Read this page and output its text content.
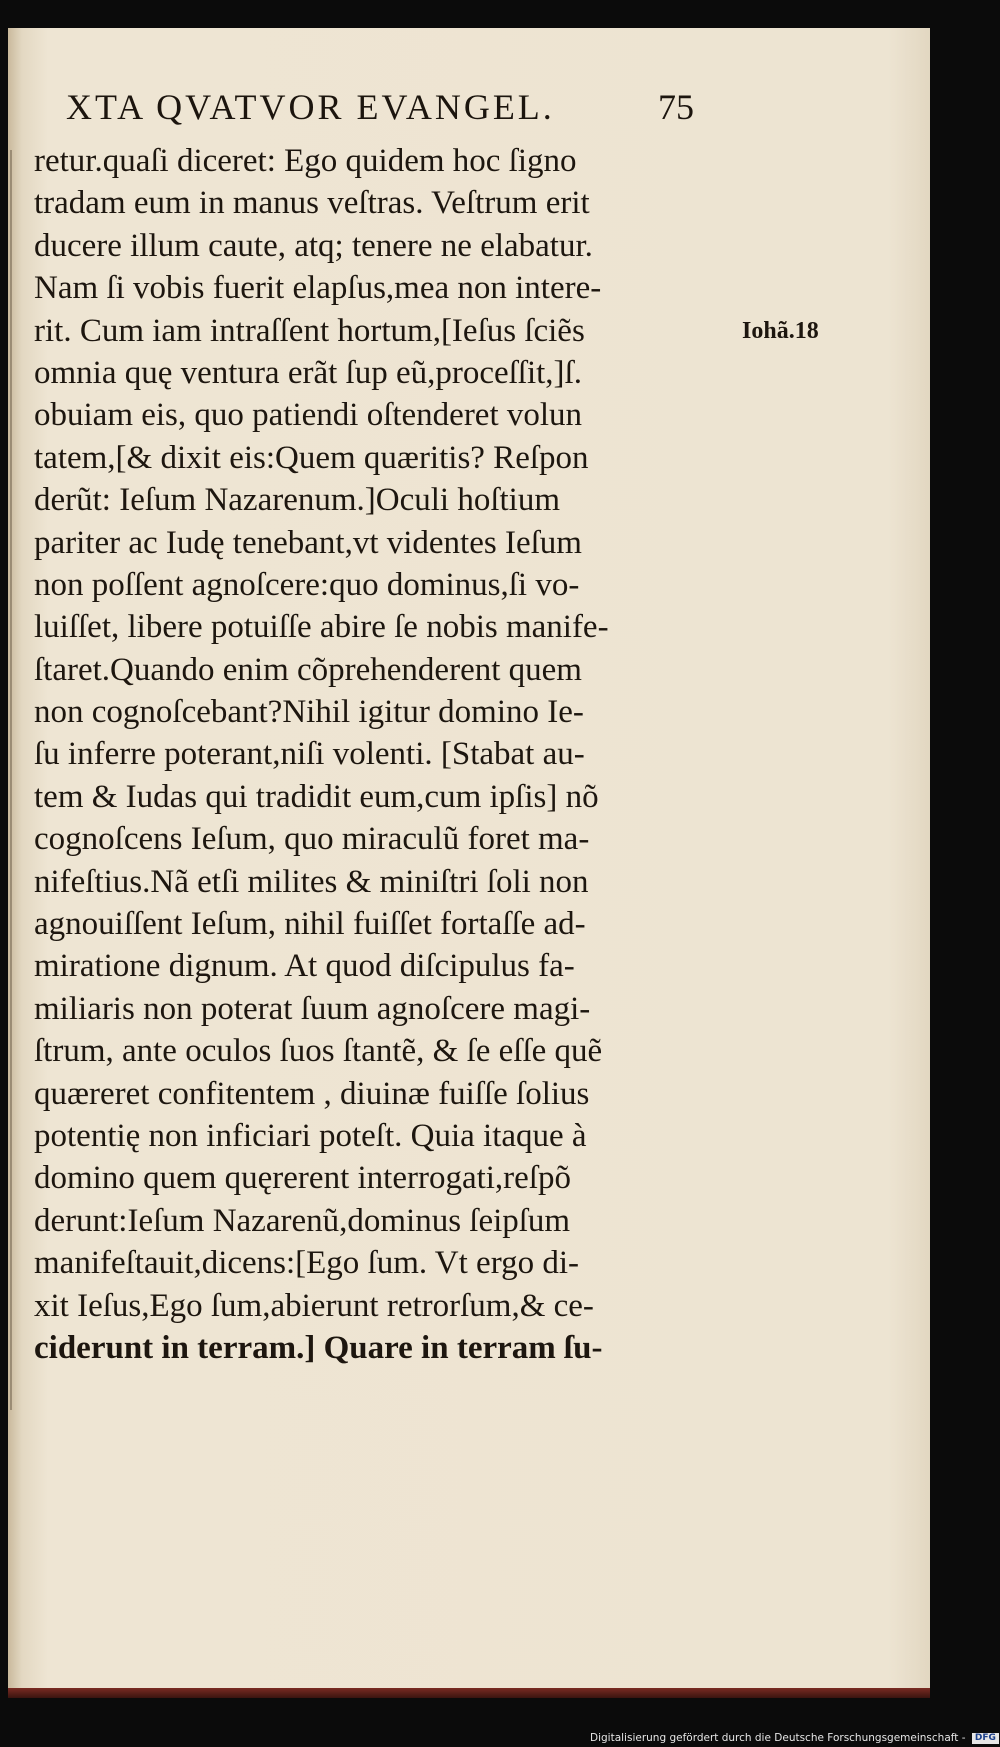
XTA QVATVOR EVANGEL.	75
Iohã.18
retur.quaſi diceret: Ego quidem hoc ſigno
tradam eum in manus veſtras. Veſtrum erit
ducere illum caute, atq; tenere ne elabatur.
Nam ſi vobis fuerit elapſus,mea non intere-
rit. Cum iam intraſſent hortum,[Ieſus ſciẽs
omnia quę ventura erãt ſup eũ,proceſſit,]ſ.
obuiam eis, quo patiendi oſtenderet volun
tatem,[& dixit eis:Quem quæritis? Reſpon
derũt: Ieſum Nazarenum.]Oculi hoſtium
pariter ac Iudę tenebant,vt videntes Ieſum
non poſſent agnoſcere:quo dominus,ſi vo-
luiſſet, libere potuiſſe abire ſe nobis manife-
ſtaret.Quando enim cõprehenderent quem
non cognoſcebant?Nihil igitur domino Ie-
ſu inferre poterant,niſi volenti. [Stabat au-
tem & Iudas qui tradidit eum,cum ipſis] nõ
cognoſcens Ieſum, quo miraculũ foret ma-
nifeſtius.Nã etſi milites & miniſtri ſoli non
agnouiſſent Ieſum, nihil fuiſſet fortaſſe ad-
miratione dignum. At quod diſcipulus fa-
miliaris non poterat ſuum agnoſcere magi-
ſtrum, ante oculos ſuos ſtantẽ, & ſe eſſe quẽ
quæreret confitentem , diuinæ fuiſſe ſolius
potentię non inficiari poteſt. Quia itaque à
domino quem quęrerent interrogati,reſpõ
derunt:Ieſum Nazarenũ,dominus ſeipſum
manifeſtauit,dicens:[Ego ſum. Vt ergo di-
xit Ieſus,Ego ſum,abierunt retrorſum,& ce-
ciderunt in terram.] Quare in terram ſu-
Digitalisierung gefördert durch die Deutsche Forschungsgemeinschaft - DFG
